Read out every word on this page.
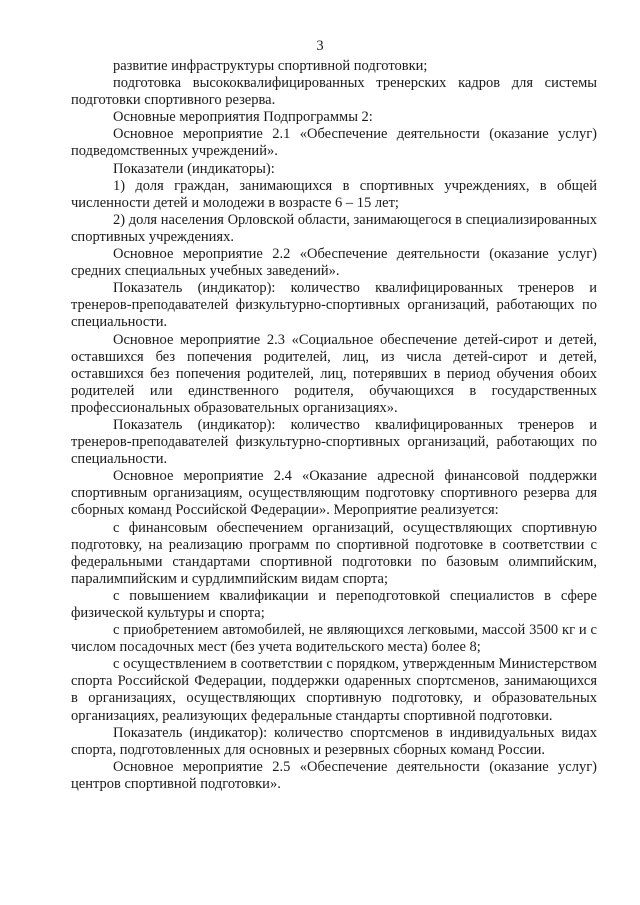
3

развитие инфраструктуры спортивной подготовки;

подготовка высококвалифицированных тренерских кадров для системы подготовки спортивного резерва.

Основные мероприятия Подпрограммы 2:

Основное мероприятие 2.1 «Обеспечение деятельности (оказание услуг) подведомственных учреждений».

Показатели (индикаторы):

1) доля граждан, занимающихся в спортивных учреждениях, в общей численности детей и молодежи в возрасте 6 – 15 лет;

2) доля населения Орловской области, занимающегося в специализированных спортивных учреждениях.

Основное мероприятие 2.2 «Обеспечение деятельности (оказание услуг) средних специальных учебных заведений».

Показатель (индикатор): количество квалифицированных тренеров и тренеров-преподавателей физкультурно-спортивных организаций, работающих по специальности.

Основное мероприятие 2.3 «Социальное обеспечение детей-сирот и детей, оставшихся без попечения родителей, лиц, из числа детей-сирот и детей, оставшихся без попечения родителей, лиц, потерявших в период обучения обоих родителей или единственного родителя, обучающихся в государственных профессиональных образовательных организациях».

Показатель (индикатор): количество квалифицированных тренеров и тренеров-преподавателей физкультурно-спортивных организаций, работающих по специальности.

Основное мероприятие 2.4 «Оказание адресной финансовой поддержки спортивным организациям, осуществляющим подготовку спортивного резерва для сборных команд Российской Федерации». Мероприятие реализуется:

с финансовым обеспечением организаций, осуществляющих спортивную подготовку, на реализацию программ по спортивной подготовке в соответствии с федеральными стандартами спортивной подготовки по базовым олимпийским, паралимпийским и сурдлимпийским видам спорта;

с повышением квалификации и переподготовкой специалистов в сфере физической культуры и спорта;

с приобретением автомобилей, не являющихся легковыми, массой 3500 кг и с числом посадочных мест (без учета водительского места) более 8;

с осуществлением в соответствии с порядком, утвержденным Министерством спорта Российской Федерации, поддержки одаренных спортсменов, занимающихся в организациях, осуществляющих спортивную подготовку, и образовательных организациях, реализующих федеральные стандарты спортивной подготовки.

Показатель (индикатор): количество спортсменов в индивидуальных видах спорта, подготовленных для основных и резервных сборных команд России.

Основное мероприятие 2.5 «Обеспечение деятельности (оказание услуг) центров спортивной подготовки».
